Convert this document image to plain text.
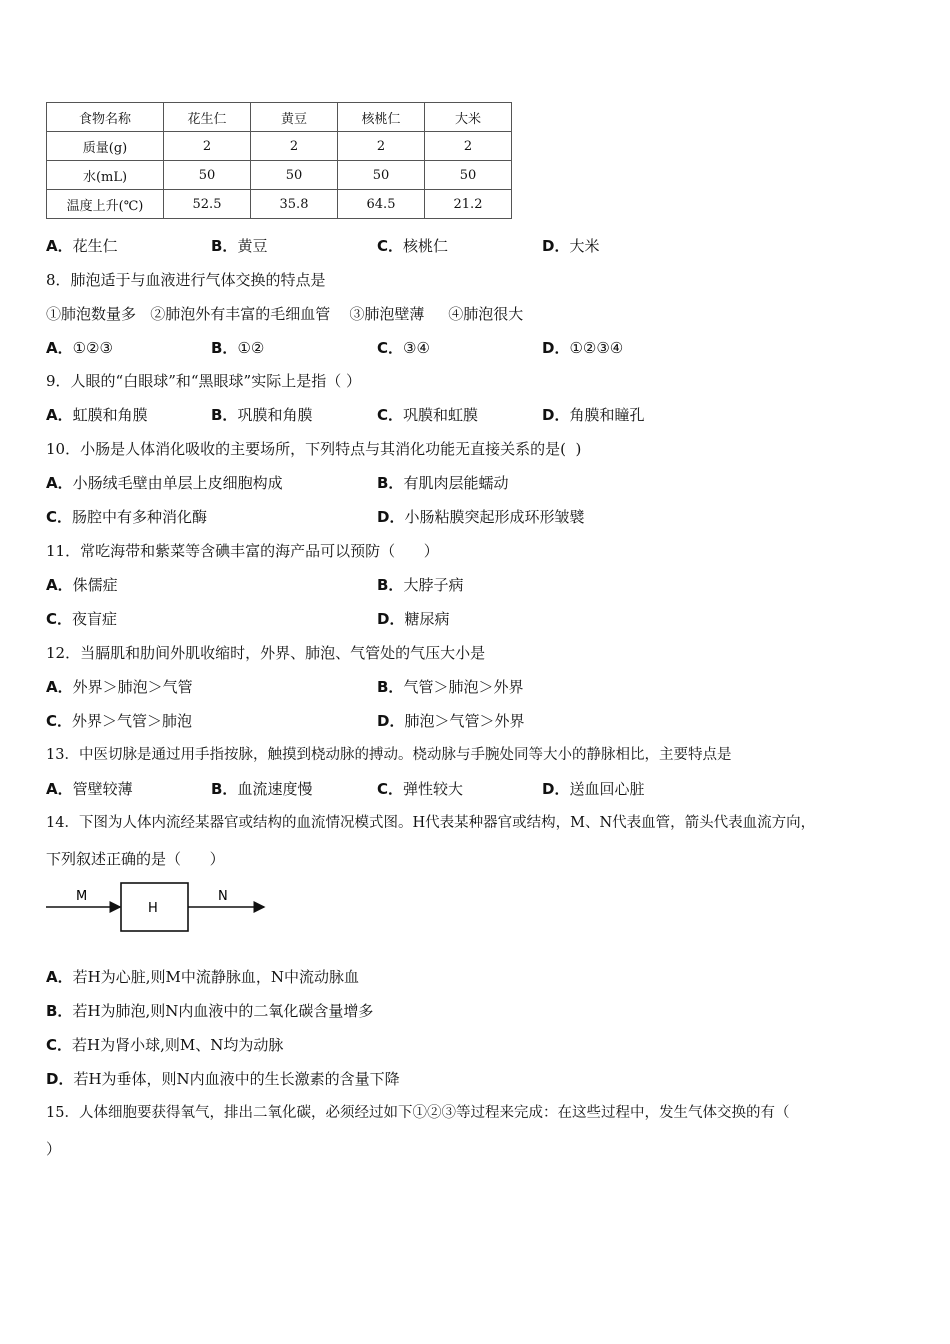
食物名称	花生仁	黄豆	核桃仁	大米
质量(g)	2	2	2	2
水(mL)	50	50	50	50
温度上升(℃)	52.5	35.8	64.5	21.2
A．花生仁	B．黄豆	C．核桃仁	D．大米
8．肺泡适于与血液进行气体交换的特点是
①肺泡数量多   ②肺泡外有丰富的毛细血管    ③肺泡壁薄     ④肺泡很大
A．①②③	B．①②	C．③④	D．①②③④
9．人眼的“白眼球”和“黑眼球”实际上是指（ ）
A．虹膜和角膜	B．巩膜和角膜	C．巩膜和虹膜	D．角膜和瞳孔
10．小肠是人体消化吸收的主要场所，下列特点与其消化功能无直接关系的是(  )
A．小肠绒毛壁由单层上皮细胞构成	B．有肌肉层能蠕动
C．肠腔中有多种消化酶	D．小肠粘膜突起形成环形皱襞
11．常吃海带和紫菜等含碘丰富的海产品可以预防（      ）
A．侏儒症	B．大脖子病
C．夜盲症	D．糖尿病
12．当膈肌和肋间外肌收缩时，外界、肺泡、气管处的气压大小是
A．外界＞肺泡＞气管	B．气管＞肺泡＞外界
C．外界＞气管＞肺泡	D．肺泡＞气管＞外界
13．中医切脉是通过用手指按脉，触摸到桡动脉的搏动。桡动脉与手腕处同等大小的静脉相比，主要特点是
A．管壁较薄	B．血流速度慢	C．弹性较大	D．送血回心脏
14．下图为人体内流经某器官或结构的血流情况模式图。H代表某种器官或结构，M、N代表血管，箭头代表血流方向，
下列叙述正确的是（      ）
M
H
N
A．若H为心脏,则M中流静脉血，N中流动脉血
B．若H为肺泡,则N内血液中的二氧化碳含量增多
C．若H为肾小球,则M、N均为动脉
D．若H为垂体，则N内血液中的生长激素的含量下降
15．人体细胞要获得氧气，排出二氧化碳，必须经过如下①②③等过程来完成：在这些过程中，发生气体交换的有（
）
